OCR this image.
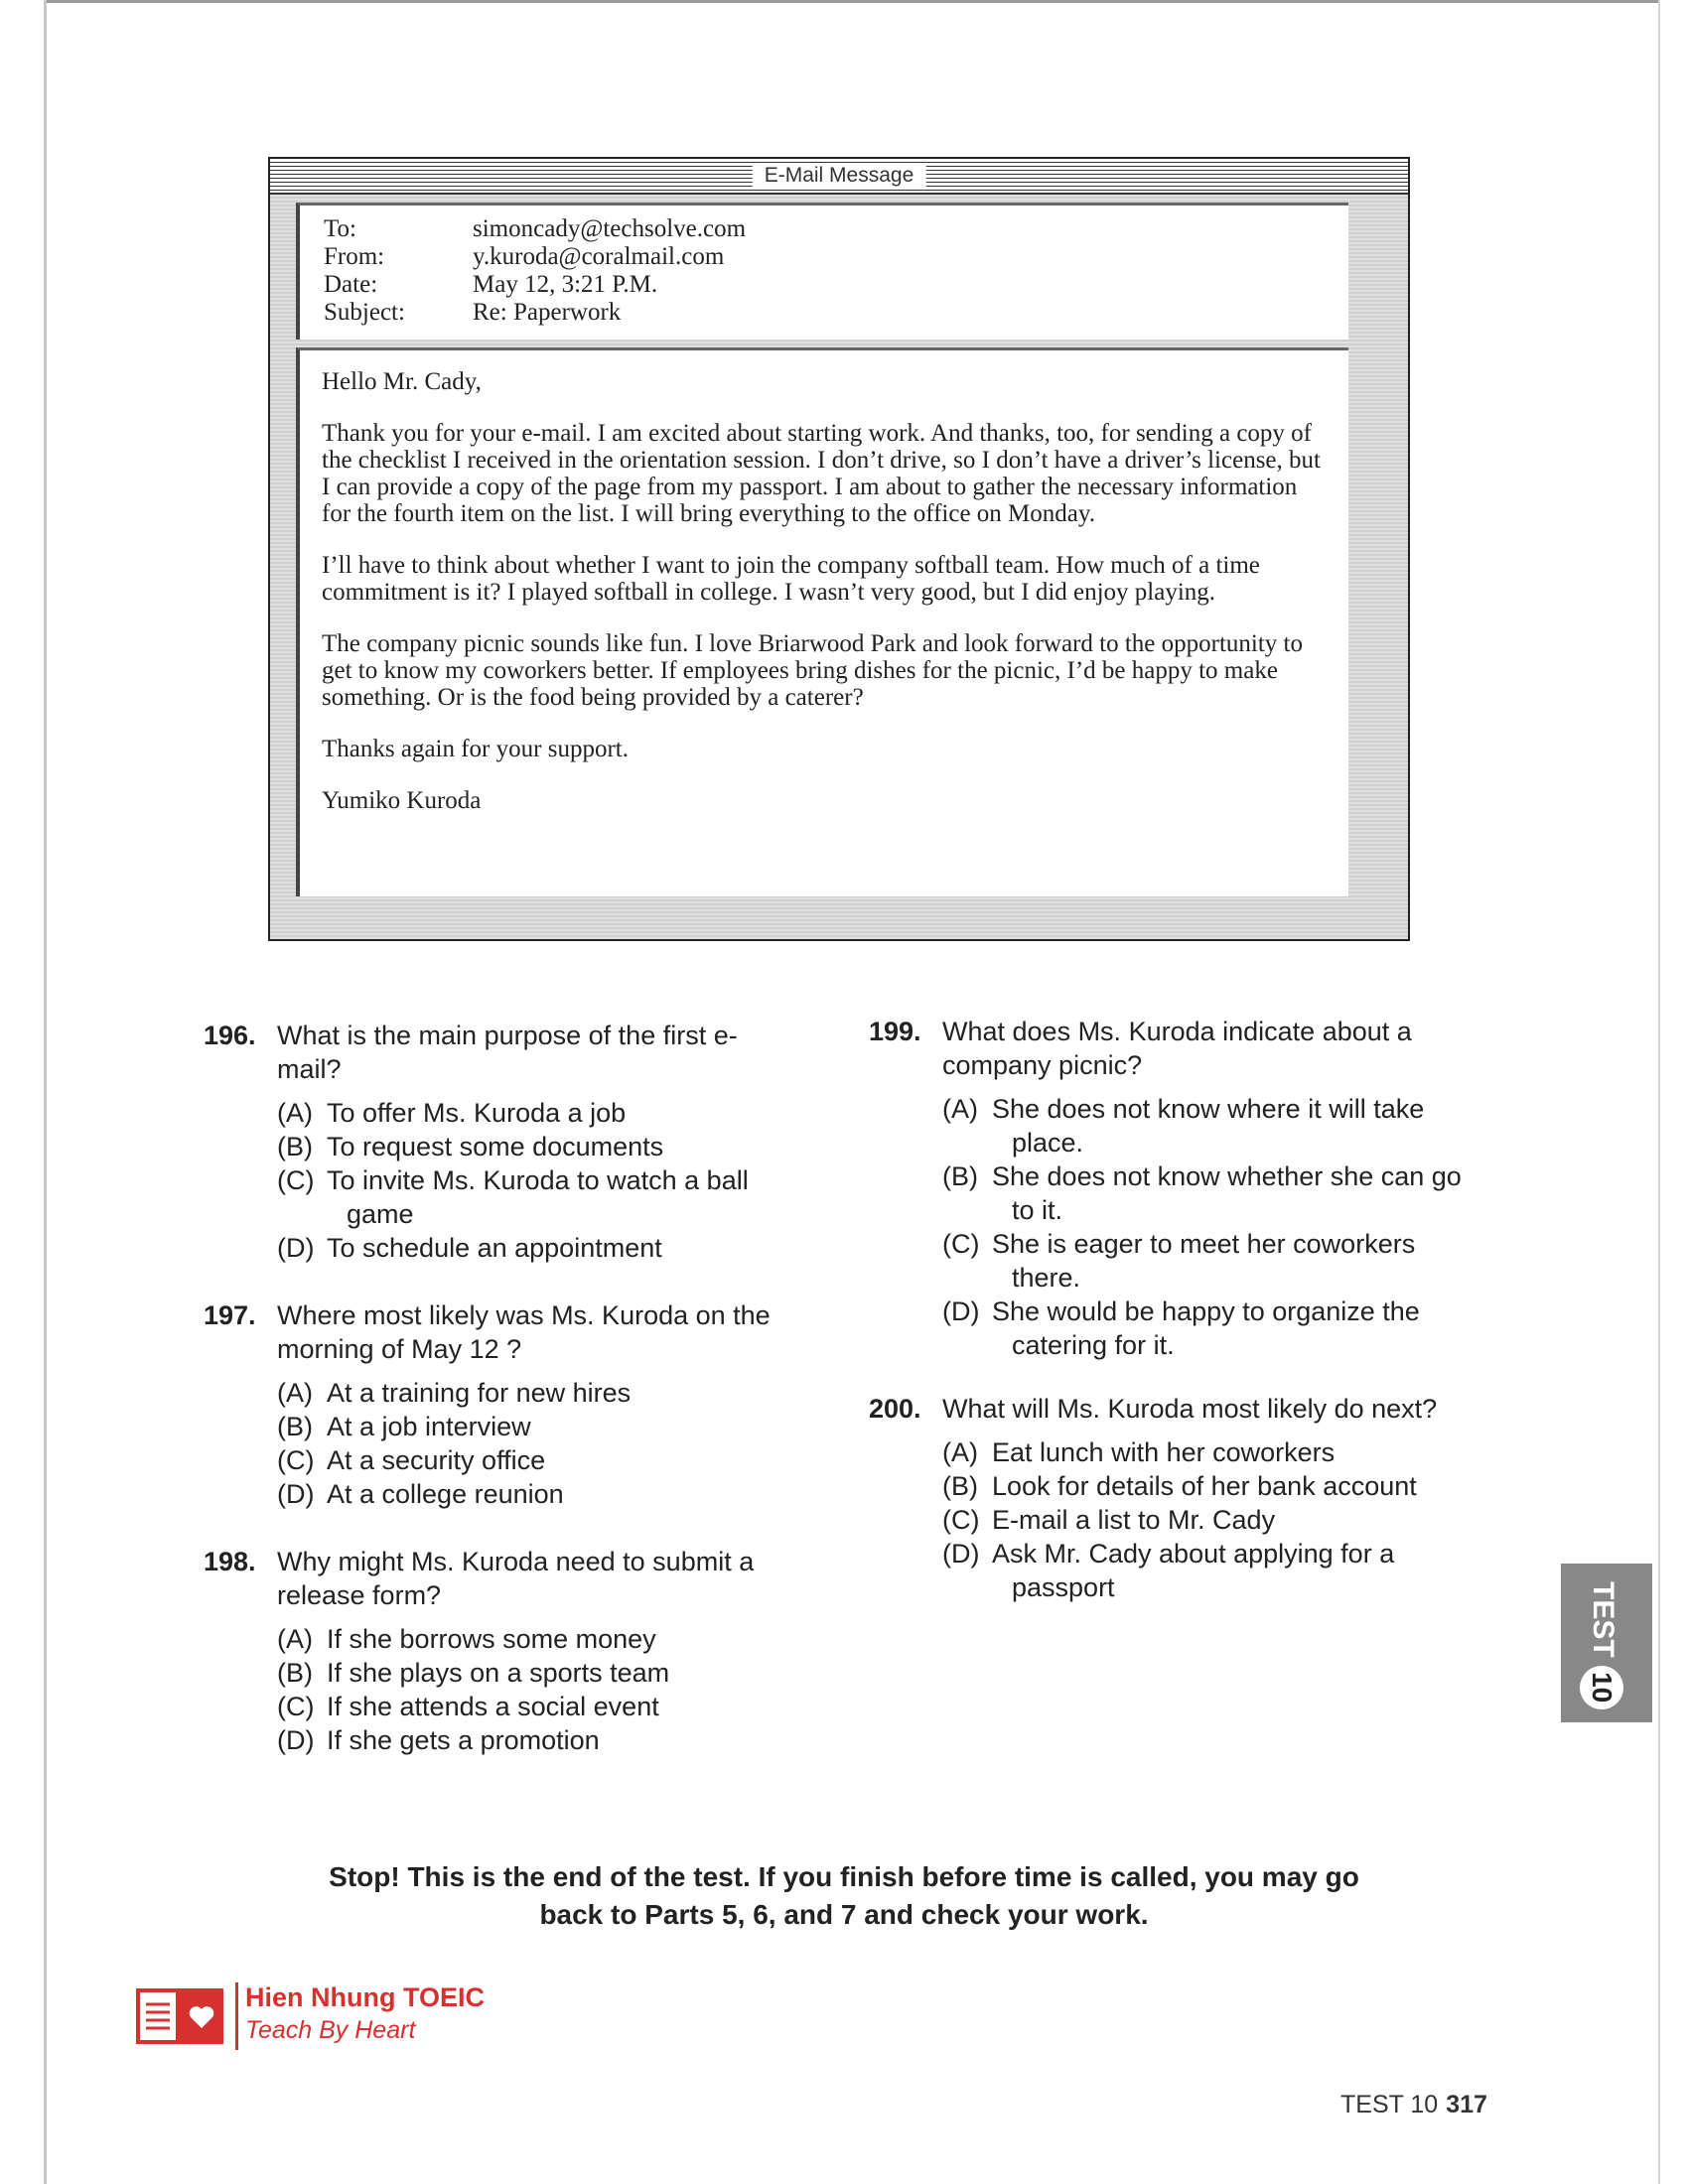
E-Mail Message
To:	simoncady@techsolve.com
From:	y.kuroda@coralmail.com
Date:	May 12, 3:21 P.M.
Subject:	Re: Paperwork

Hello Mr. Cady,

Thank you for your e-mail. I am excited about starting work. And thanks, too, for sending a copy of the checklist I received in the orientation session. I don’t drive, so I don’t have a driver’s license, but I can provide a copy of the page from my passport. I am about to gather the necessary information for the fourth item on the list. I will bring everything to the office on Monday.

I’ll have to think about whether I want to join the company softball team. How much of a time commitment is it? I played softball in college. I wasn’t very good, but I did enjoy playing.

The company picnic sounds like fun. I love Briarwood Park and look forward to the opportunity to get to know my coworkers better. If employees bring dishes for the picnic, I’d be happy to make something. Or is the food being provided by a caterer?

Thanks again for your support.

Yumiko Kuroda

196. What is the main purpose of the first e-mail?
(A) To offer Ms. Kuroda a job
(B) To request some documents
(C) To invite Ms. Kuroda to watch a ball game
(D) To schedule an appointment
197. Where most likely was Ms. Kuroda on the morning of May 12 ?
(A) At a training for new hires
(B) At a job interview
(C) At a security office
(D) At a college reunion
198. Why might Ms. Kuroda need to submit a release form?
(A) If she borrows some money
(B) If she plays on a sports team
(C) If she attends a social event
(D) If she gets a promotion
199. What does Ms. Kuroda indicate about a company picnic?
(A) She does not know where it will take place.
(B) She does not know whether she can go to it.
(C) She is eager to meet her coworkers there.
(D) She would be happy to organize the catering for it.
200. What will Ms. Kuroda most likely do next?
(A) Eat lunch with her coworkers
(B) Look for details of her bank account
(C) E-mail a list to Mr. Cady
(D) Ask Mr. Cady about applying for a passport
Stop! This is the end of the test. If you finish before time is called, you may go back to Parts 5, 6, and 7 and check your work.
TEST10
Hien Nhung TOEIC
Teach By Heart
TEST 10 317
